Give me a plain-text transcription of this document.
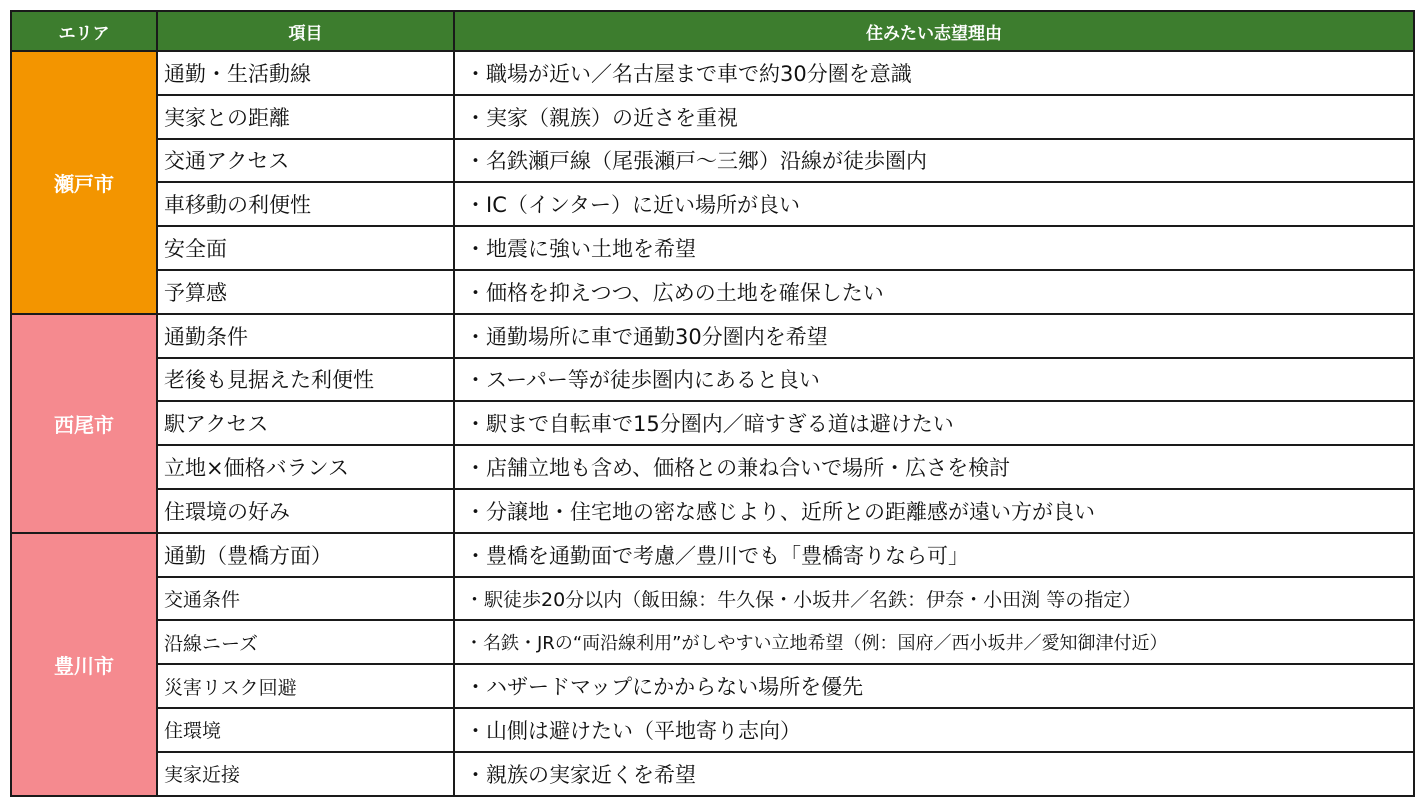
エリア	項目	住みたい志望理由
瀬戸市	通勤・生活動線	・職場が近い／名古屋まで車で約30分圏を意識
	実家との距離	・実家（親族）の近さを重視
	交通アクセス	・名鉄瀬戸線（尾張瀬戸〜三郷）沿線が徒歩圏内
	車移動の利便性	・IC（インター）に近い場所が良い
	安全面	・地震に強い土地を希望
	予算感	・価格を抑えつつ、広めの土地を確保したい
西尾市	通勤条件	・通勤場所に車で通勤30分圏内を希望
	老後も見据えた利便性	・スーパー等が徒歩圏内にあると良い
	駅アクセス	・駅まで自転車で15分圏内／暗すぎる道は避けたい
	立地×価格バランス	・店舗立地も含め、価格との兼ね合いで場所・広さを検討
	住環境の好み	・分譲地・住宅地の密な感じより、近所との距離感が遠い方が良い
豊川市	通勤（豊橋方面）	・豊橋を通勤面で考慮／豊川でも「豊橋寄りなら可」
	交通条件	・駅徒歩20分以内（飯田線：牛久保・小坂井／名鉄：伊奈・小田渕 等の指定）
	沿線ニーズ	・名鉄・JRの“両沿線利用”がしやすい立地希望（例：国府／西小坂井／愛知御津付近）
	災害リスク回避	・ハザードマップにかからない場所を優先
	住環境	・山側は避けたい（平地寄り志向）
	実家近接	・親族の実家近くを希望
